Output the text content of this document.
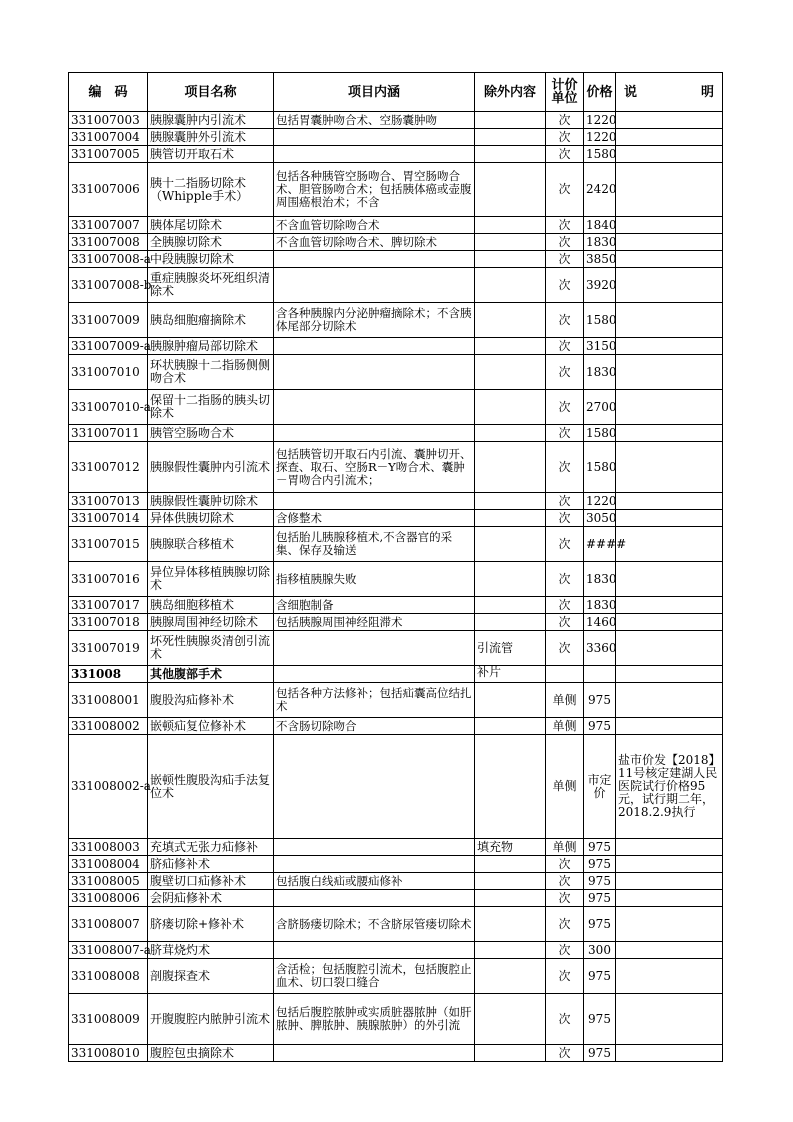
编　码	项目名称	项目内涵	除外内容	计价单位	价格	说 明

331007003	胰腺囊肿内引流术	包括胃囊肿吻合术、空肠囊肿吻		次	1220	
331007004	胰腺囊肿外引流术			次	1220	
331007005	胰管切开取石术			次	1580	
331007006	胰十二指肠切除术（Whipple手术）	包括各种胰管空肠吻合、胃空肠吻合术、胆管肠吻合术；包括胰体癌或壶腹周围癌根治术；不含		次	2420	
331007007	胰体尾切除术	不含血管切除吻合术		次	1840	
331007008	全胰腺切除术	不含血管切除吻合术、脾切除术		次	1830	
331007008-a	中段胰腺切除术			次	3850	
331007008-b	重症胰腺炎坏死组织清除术			次	3920	
331007009	胰岛细胞瘤摘除术	含各种胰腺内分泌肿瘤摘除术；不含胰体尾部分切除术		次	1580	
331007009-a	胰腺肿瘤局部切除术			次	3150	
331007010	环状胰腺十二指肠侧侧吻合术			次	1830	
331007010-a	保留十二指肠的胰头切除术			次	2700	
331007011	胰管空肠吻合术			次	1580	
331007012	胰腺假性囊肿内引流术	包括胰管切开取石内引流、囊肿切开、探查、取石、空肠R－Y吻合术、囊肿－胃吻合内引流术；		次	1580	
331007013	胰腺假性囊肿切除术			次	1220	
331007014	异体供胰切除术	含修整术		次	3050	
331007015	胰腺联合移植术	包括胎儿胰腺移植术,不含器官的采集、保存及输送		次	####	
331007016	异位异体移植胰腺切除术	指移植胰腺失败		次	1830	
331007017	胰岛细胞移植术	含细胞制备		次	1830	
331007018	胰腺周围神经切除术	包括胰腺周围神经阻滞术		次	1460	
331007019	坏死性胰腺炎清创引流术		引流管	次	3360	
331008	其他腹部手术		补片			
331008001	腹股沟疝修补术	包括各种方法修补；包括疝囊高位结扎术		单侧	975	
331008002	嵌顿疝复位修补术	不含肠切除吻合		单侧	975	
331008002-a	嵌顿性腹股沟疝手法复位术			单侧	市定价	盐市价发【2018】11号核定建湖人民医院试行价格95元，试行期二年，2018.2.9执行
331008003	充填式无张力疝修补		填充物	单侧	975	
331008004	脐疝修补术			次	975	
331008005	腹壁切口疝修补术	包括腹白线疝或腰疝修补		次	975	
331008006	会阴疝修补术			次	975	
331008007	脐瘘切除+修补术	含脐肠瘘切除术；不含脐尿管瘘切除术		次	975	
331008007-a	脐茸烧灼术			次	300	
331008008	剖腹探查术	含活检；包括腹腔引流术，包括腹腔止血术、切口裂口缝合		次	975	
331008009	开腹腹腔内脓肿引流术	包括后腹腔脓肿或实质脏器脓肿（如肝脓肿、脾脓肿、胰腺脓肿）的外引流		次	975	
331008010	腹腔包虫摘除术			次	975	
